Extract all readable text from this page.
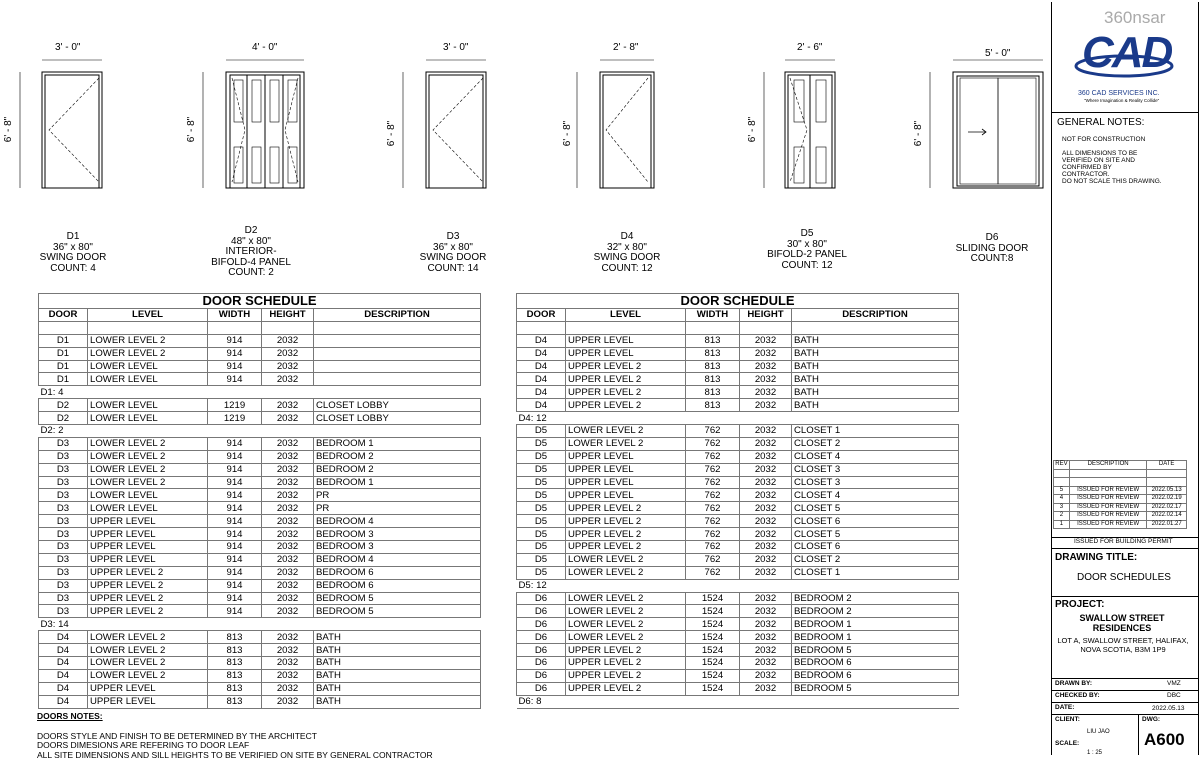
3' - 0"	4' - 0"	3' - 0"	2' - 8"	2' - 6"
5' - 0"
6' - 8"	6' - 8"	6' - 8"	6' - 8"	6' - 8"	6' - 8"
D1
36" x 80"
SWING DOOR
COUNT: 4
D2
48" x 80"
INTERIOR-
BIFOLD-4 PANEL
COUNT: 2
D3
36" x 80"
SWING DOOR
COUNT: 14
D4
32" x 80"
SWING DOOR
COUNT: 12
D5
30" x 80"
BIFOLD-2 PANEL
COUNT: 12
D6
SLIDING DOOR
COUNT:8
DOOR SCHEDULE				
DOOR	LEVEL	WIDTH	HEIGHT	DESCRIPTION

D1	LOWER LEVEL 2	914	2032	
D1	LOWER LEVEL 2	914	2032	
D1	LOWER LEVEL	914	2032	
D1	LOWER LEVEL	914	2032	
D1: 4				
D2	LOWER LEVEL	1219	2032	CLOSET LOBBY
D2	LOWER LEVEL	1219	2032	CLOSET LOBBY
D2: 2				
D3	LOWER LEVEL 2	914	2032	BEDROOM 1
D3	LOWER LEVEL 2	914	2032	BEDROOM 2
D3	LOWER LEVEL 2	914	2032	BEDROOM 2
D3	LOWER LEVEL 2	914	2032	BEDROOM 1
D3	LOWER LEVEL	914	2032	PR
D3	LOWER LEVEL	914	2032	PR
D3	UPPER LEVEL	914	2032	BEDROOM 4
D3	UPPER LEVEL	914	2032	BEDROOM 3
D3	UPPER LEVEL	914	2032	BEDROOM 3
D3	UPPER LEVEL	914	2032	BEDROOM 4
D3	UPPER LEVEL 2	914	2032	BEDROOM 6
D3	UPPER LEVEL 2	914	2032	BEDROOM 6
D3	UPPER LEVEL 2	914	2032	BEDROOM 5
D3	UPPER LEVEL 2	914	2032	BEDROOM 5
D3: 14				
D4	LOWER LEVEL 2	813	2032	BATH
D4	LOWER LEVEL 2	813	2032	BATH
D4	LOWER LEVEL 2	813	2032	BATH
D4	LOWER LEVEL 2	813	2032	BATH
D4	UPPER LEVEL	813	2032	BATH
D4	UPPER LEVEL	813	2032	BATH
DOOR SCHEDULE				
DOOR	LEVEL	WIDTH	HEIGHT	DESCRIPTION

D4	UPPER LEVEL	813	2032	BATH
D4	UPPER LEVEL	813	2032	BATH
D4	UPPER LEVEL 2	813	2032	BATH
D4	UPPER LEVEL 2	813	2032	BATH
D4	UPPER LEVEL 2	813	2032	BATH
D4	UPPER LEVEL 2	813	2032	BATH
D4: 12				
D5	LOWER LEVEL 2	762	2032	CLOSET 1
D5	LOWER LEVEL 2	762	2032	CLOSET 2
D5	UPPER LEVEL	762	2032	CLOSET 4
D5	UPPER LEVEL	762	2032	CLOSET 3
D5	UPPER LEVEL	762	2032	CLOSET 3
D5	UPPER LEVEL	762	2032	CLOSET 4
D5	UPPER LEVEL 2	762	2032	CLOSET 5
D5	UPPER LEVEL 2	762	2032	CLOSET 6
D5	UPPER LEVEL 2	762	2032	CLOSET 5
D5	UPPER LEVEL 2	762	2032	CLOSET 6
D5	LOWER LEVEL 2	762	2032	CLOSET 2
D5	LOWER LEVEL 2	762	2032	CLOSET 1
D5: 12				
D6	LOWER LEVEL 2	1524	2032	BEDROOM 2
D6	LOWER LEVEL 2	1524	2032	BEDROOM 2
D6	LOWER LEVEL 2	1524	2032	BEDROOM 1
D6	LOWER LEVEL 2	1524	2032	BEDROOM 1
D6	UPPER LEVEL 2	1524	2032	BEDROOM 5
D6	UPPER LEVEL 2	1524	2032	BEDROOM 6
D6	UPPER LEVEL 2	1524	2032	BEDROOM 6
D6	UPPER LEVEL 2	1524	2032	BEDROOM 5
D6: 8				
DOORS NOTES:
DOORS STYLE AND FINISH TO BE DETERMINED BY THE ARCHITECT
DOORS DIMESIONS ARE REFERING TO DOOR LEAF
ALL SITE DIMENSIONS AND SILL HEIGHTS TO BE VERIFIED ON SITE BY GENERAL CONTRACTOR
360nsar
CAD
360 CAD SERVICES INC.
"Where Imagination & Reality Collide"
GENERAL NOTES:
NOT FOR CONSTRUCTION
ALL DIMENSIONS TO BE VERIFIED ON SITE AND CONFIRMED BY CONTRACTOR.
DO NOT SCALE THIS DRAWING.
ISSUED FOR BUILDING PERMIT
DRAWING TITLE:
DOOR SCHEDULES
PROJECT:
SWALLOW STREET RESIDENCES
LOT A, SWALLOW STREET, HALIFAX, NOVA SCOTIA, B3M 1P9
DRAWN BY:	VMZ
CHECKED BY:	DBC
DATE:	2022.05.13
CLIENT:
LIU JAO
DWG:
A600
SCALE:
1 : 25
REV	DESCRIPTION	DATE

5	ISSUED FOR REVIEW	2022.05.13
4	ISSUED FOR REVIEW	2022.02.19
3	ISSUED FOR REVIEW	2022.02.17
2	ISSUED FOR REVIEW	2022.02.14
1	ISSUED FOR REVIEW	2022.01.27
